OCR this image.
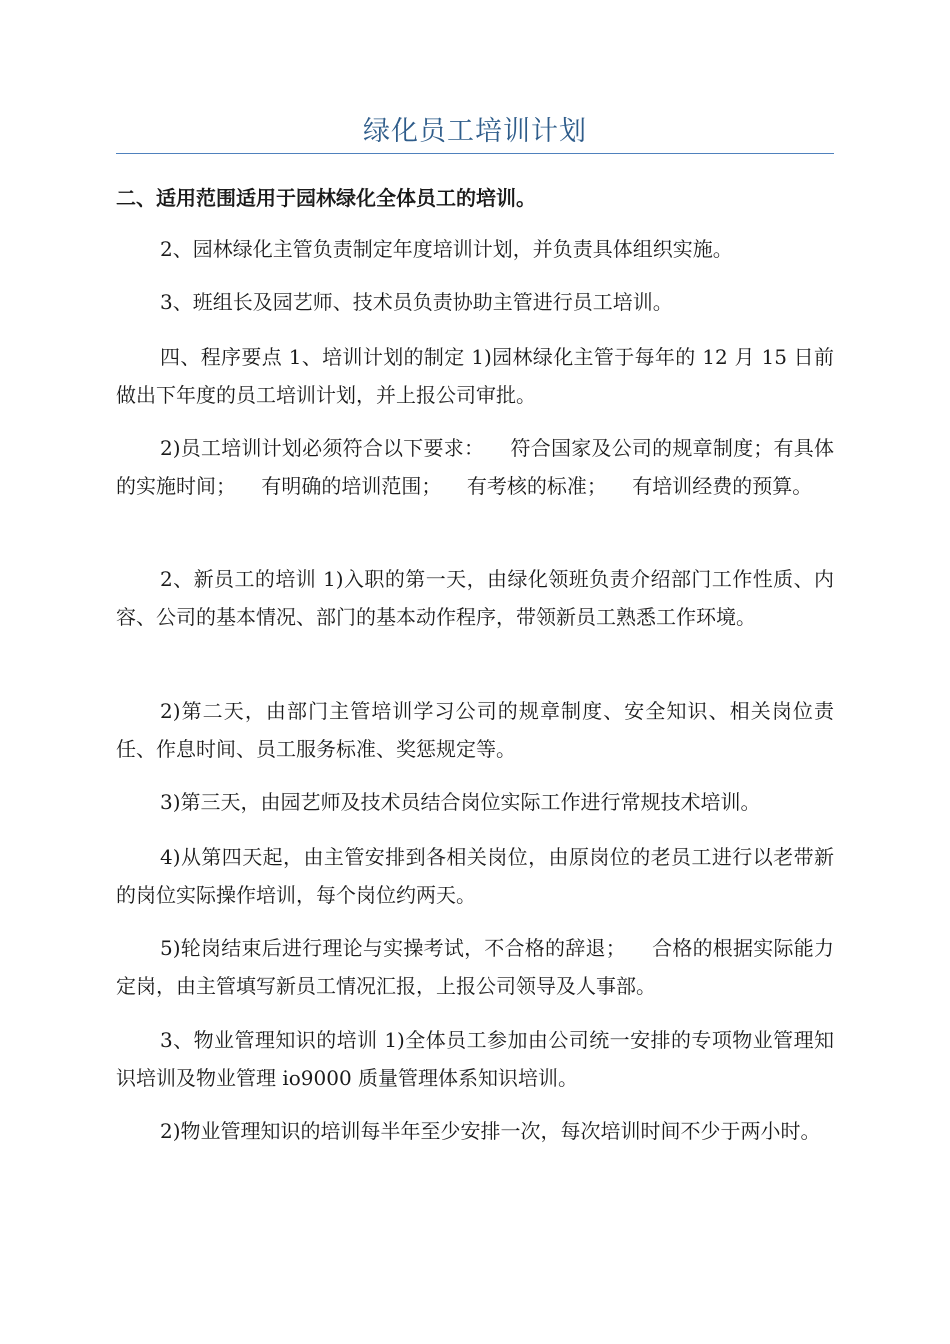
绿化员工培训计划
二、适用范围适用于园林绿化全体员工的培训。
2、园林绿化主管负责制定年度培训计划，并负责具体组织实施。
3、班组长及园艺师、技术员负责协助主管进行员工培训。
四、程序要点 1、培训计划的制定 1)园林绿化主管于每年的 12 月 15 日前做出下年度的员工培训计划，并上报公司审批。
2)员工培训计划必须符合以下要求：    符合国家及公司的规章制度；有具体的实施时间；    有明确的培训范围；    有考核的标准；    有培训经费的预算。
2、新员工的培训 1)入职的第一天，由绿化领班负责介绍部门工作性质、内容、公司的基本情况、部门的基本动作程序，带领新员工熟悉工作环境。
2)第二天，由部门主管培训学习公司的规章制度、安全知识、相关岗位责任、作息时间、员工服务标准、奖惩规定等。
3)第三天，由园艺师及技术员结合岗位实际工作进行常规技术培训。
4)从第四天起，由主管安排到各相关岗位，由原岗位的老员工进行以老带新的岗位实际操作培训，每个岗位约两天。
5)轮岗结束后进行理论与实操考试，不合格的辞退；    合格的根据实际能力定岗，由主管填写新员工情况汇报，上报公司领导及人事部。
3、物业管理知识的培训 1)全体员工参加由公司统一安排的专项物业管理知识培训及物业管理 io9000 质量管理体系知识培训。
2)物业管理知识的培训每半年至少安排一次，每次培训时间不少于两小时。
